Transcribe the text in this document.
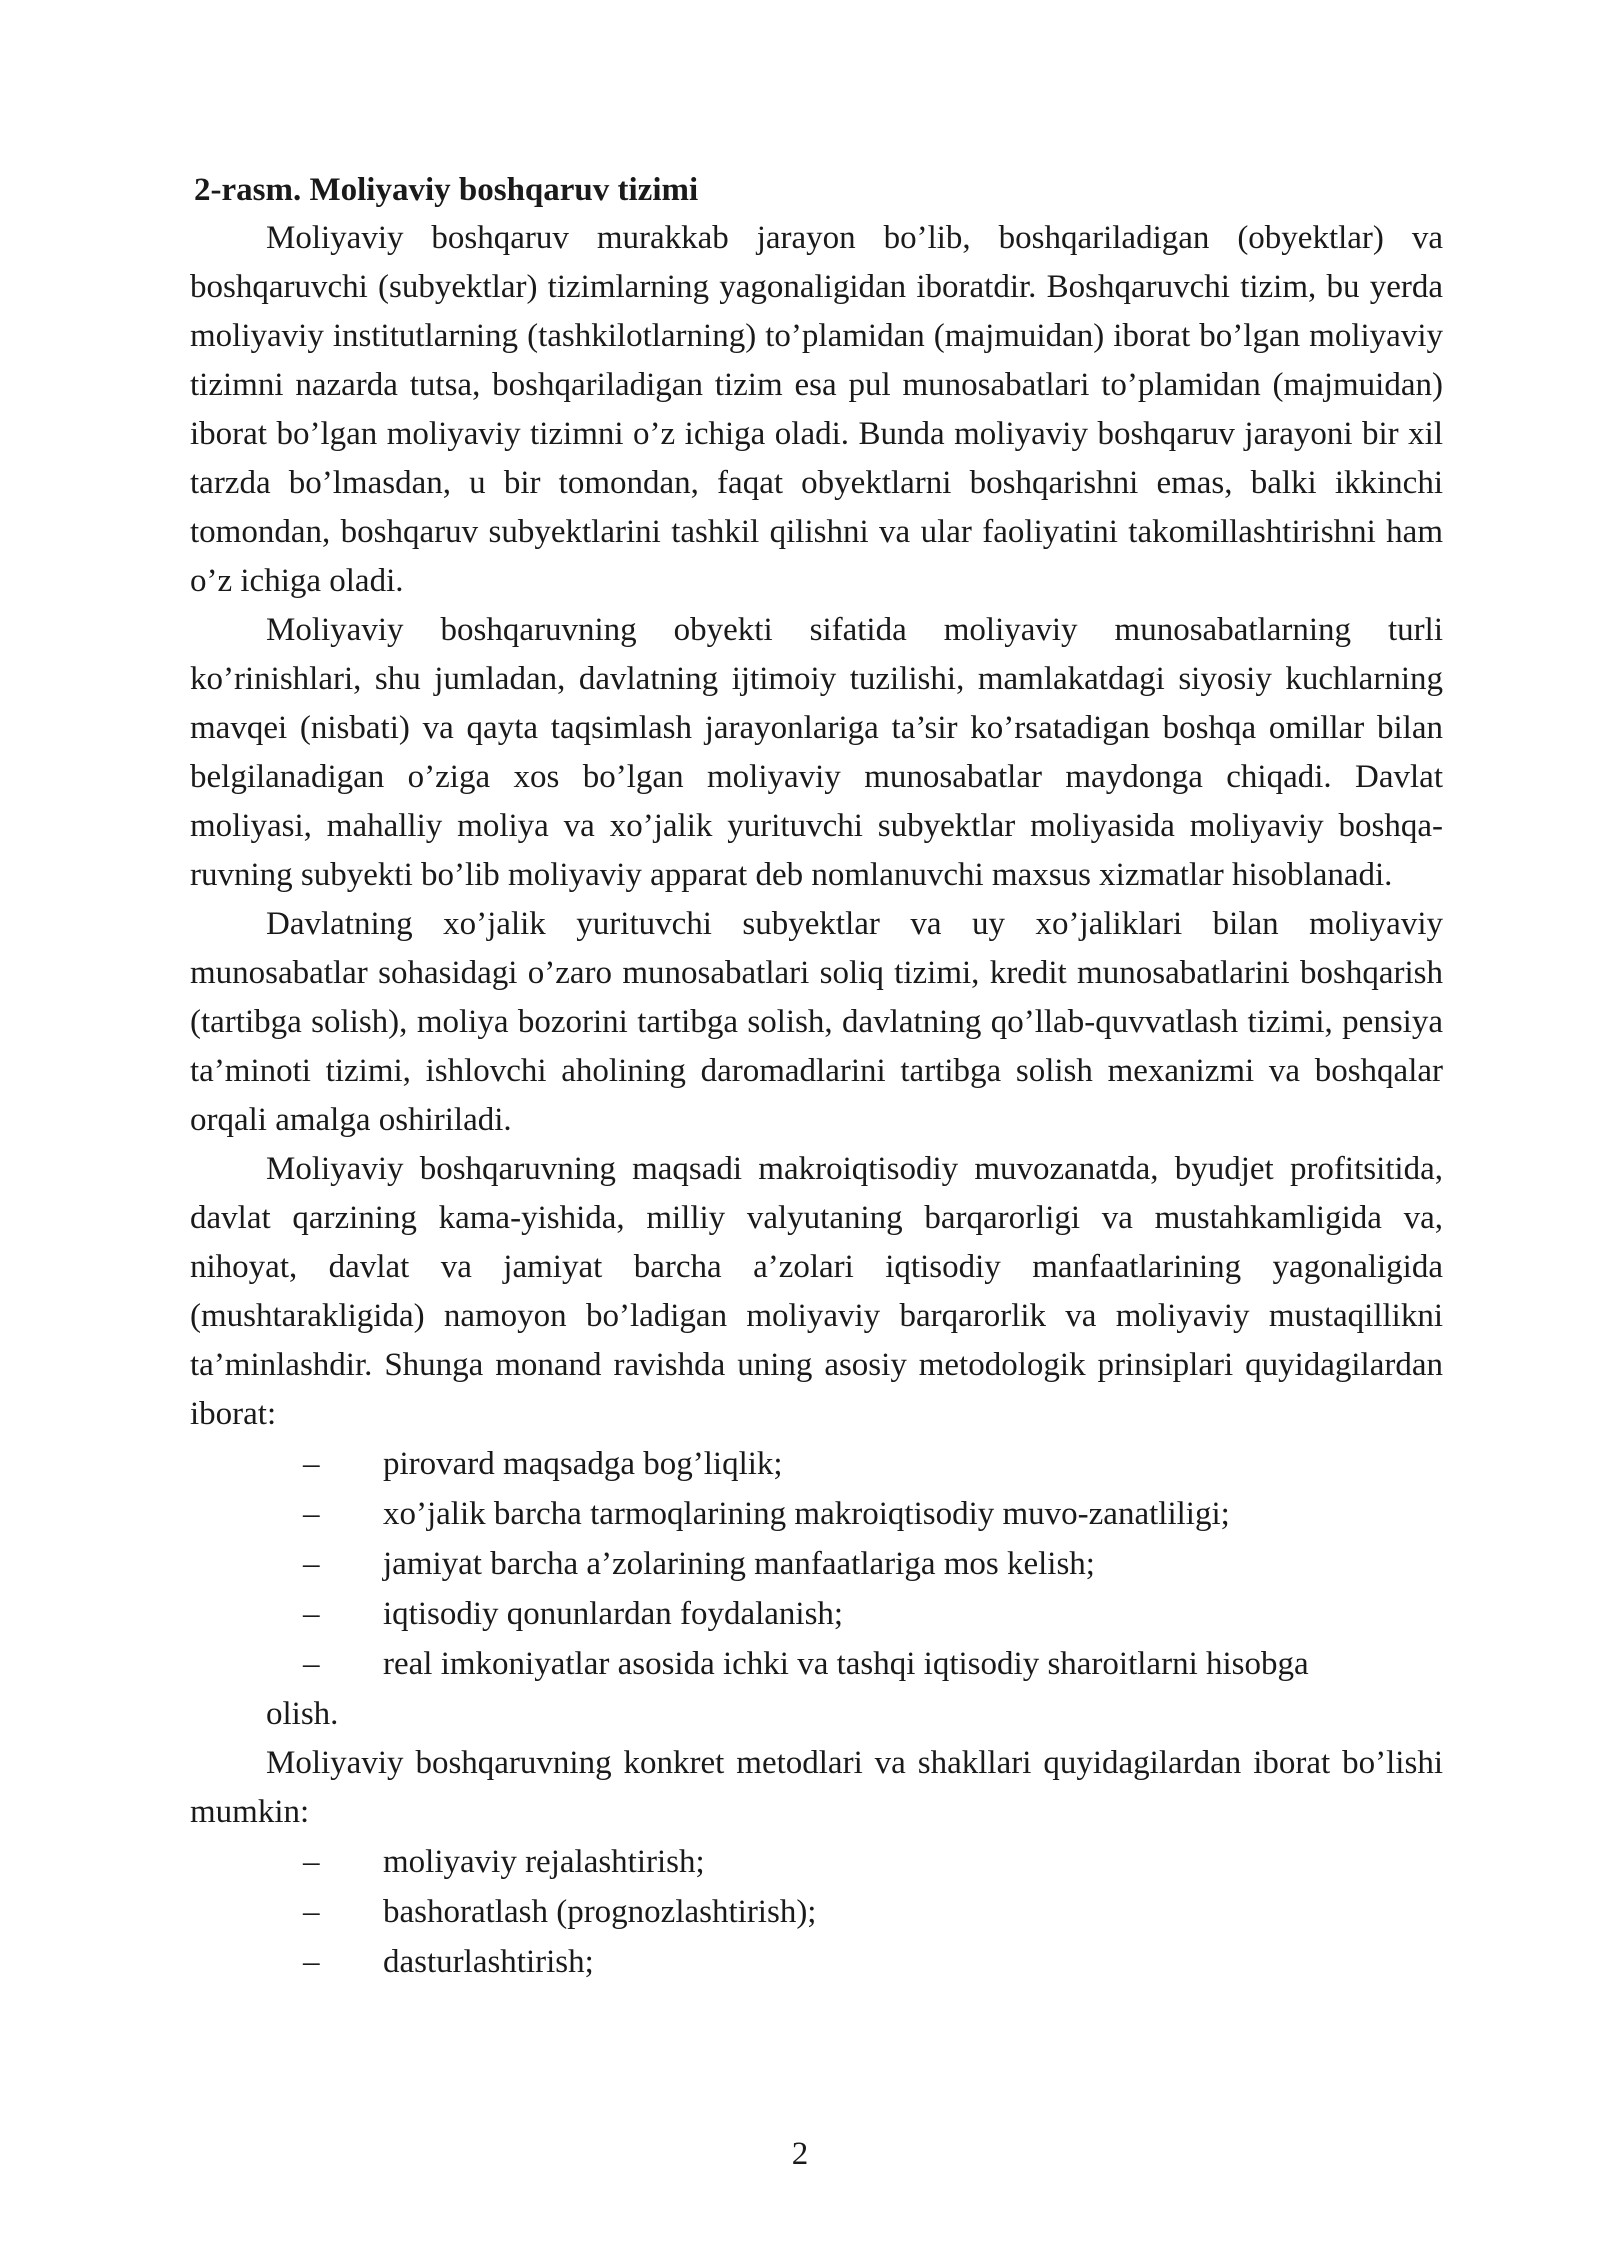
2-rasm. Moliyaviy boshqaruv tizimi

Moliyaviy boshqaruv murakkab jarayon bo’lib, boshqariladigan (obyektlar) va boshqaruvchi (subyektlar) tizimlarning yagonaligidan iboratdir. Boshqaruvchi tizim, bu yerda moliyaviy institutlarning (tashkilotlarning) to’plamidan (majmuidan) iborat bo’lgan moliyaviy tizimni nazarda tutsa, boshqariladigan tizim esa pul munosabatlari to’plamidan (majmuidan) iborat bo’lgan moliyaviy tizimni o’z ichiga oladi. Bunda moliyaviy boshqaruv jarayoni bir xil tarzda bo’lmasdan, u bir tomondan, faqat obyektlarni boshqarishni emas, balki ikkinchi tomondan, boshqaruv subyektlarini tashkil qilishni va ular faoliyatini takomillashtirishni ham o’z ichiga oladi.

Moliyaviy boshqaruvning obyekti sifatida moliyaviy munosabatlarning turli ko’rinishlari, shu jumladan, davlatning ijtimoiy tuzilishi, mamlakatdagi siyosiy kuchlarning mavqei (nisbati) va qayta taqsimlash jarayonlariga ta’sir ko’rsatadigan boshqa omillar bilan belgilanadigan o’ziga xos bo’lgan moliyaviy munosabatlar maydonga chiqadi. Davlat moliyasi, mahalliy moliya va xo’jalik yurituvchi subyektlar moliyasida moliyaviy boshqa-ruvning subyekti bo’lib moliyaviy apparat deb nomlanuvchi maxsus xizmatlar hisoblanadi.

Davlatning xo’jalik yurituvchi subyektlar va uy xo’jaliklari bilan moliyaviy munosabatlar sohasidagi o’zaro munosabatlari soliq tizimi, kredit munosabatlarini boshqarish (tartibga solish), moliya bozorini tartibga solish, davlatning qo’llab-quvvatlash tizimi, pensiya ta’minoti tizimi, ishlovchi aholining daromadlarini tartibga solish mexanizmi va boshqalar orqali amalga oshiriladi.

Moliyaviy boshqaruvning maqsadi makroiqtisodiy muvozanatda, byudjet profitsitida, davlat qarzining kama-yishida, milliy valyutaning barqarorligi va mustahkamligida va, nihoyat, davlat va jamiyat barcha a’zolari iqtisodiy manfaatlarining yagonaligida (mushtarakligida) namoyon bo’ladigan moliyaviy barqarorlik va moliyaviy mustaqillikni ta’minlashdir. Shunga monand ravishda uning asosiy metodologik prinsiplari quyidagilardan iborat:

– pirovard maqsadga bog’liqlik;
– xo’jalik barcha tarmoqlarining makroiqtisodiy muvo-zanatliligi;
– jamiyat barcha a’zolarining manfaatlariga mos kelish;
– iqtisodiy qonunlardan foydalanish;
–	real imkoniyatlar asosida ichki va tashqi iqtisodiy sharoitlarni hisobga
olish.

Moliyaviy boshqaruvning konkret metodlari va shakllari quyidagilardan iborat bo’lishi mumkin:

– moliyaviy rejalashtirish;
– bashoratlash (prognozlashtirish);
– dasturlashtirish;
2
